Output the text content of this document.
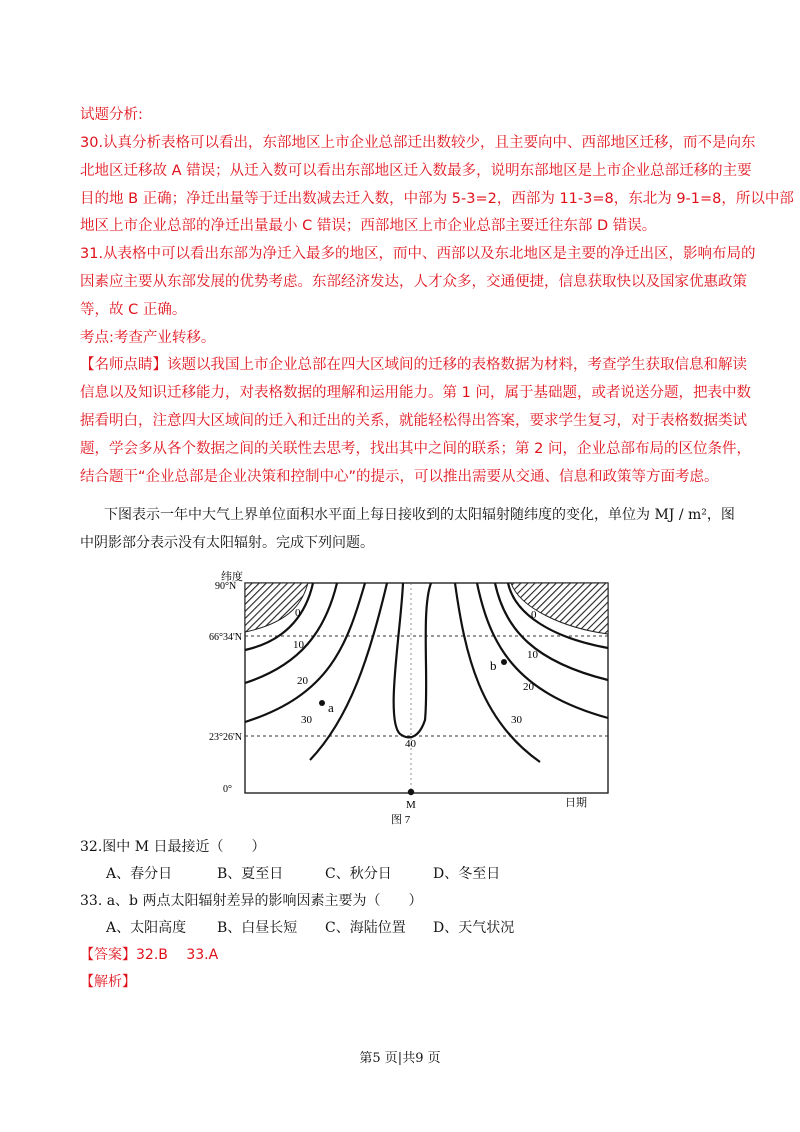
试题分析:
30.认真分析表格可以看出，东部地区上市企业总部迁出数较少，且主要向中、西部地区迁移，而不是向东
北地区迁移故 A 错误；从迁入数可以看出东部地区迁入数最多，说明东部地区是上市企业总部迁移的主要
目的地 B 正确；净迁出量等于迁出数减去迁入数，中部为 5-3=2，西部为 11-3=8，东北为 9-1=8，所以中部
地区上市企业总部的净迁出量最小 C 错误；西部地区上市企业总部主要迁往东部 D 错误。
31.从表格中可以看出东部为净迁入最多的地区，而中、西部以及东北地区是主要的净迁出区，影响布局的
因素应主要从东部发展的优势考虑。东部经济发达，人才众多，交通便捷，信息获取快以及国家优惠政策
等，故 C 正确。
考点:考查产业转移。
【名师点睛】该题以我国上市企业总部在四大区域间的迁移的表格数据为材料，考查学生获取信息和解读
信息以及知识迁移能力，对表格数据的理解和运用能力。第 1 问，属于基础题，或者说送分题，把表中数
据看明白，注意四大区域间的迁入和迁出的关系，就能轻松得出答案，要求学生复习，对于表格数据类试
题，学会多从各个数据之间的关联性去思考，找出其中之间的联系；第 2 问，企业总部布局的区位条件，
结合题干“企业总部是企业决策和控制中心”的提示，可以推出需要从交通、信息和政策等方面考虑。
下图表示一年中大气上界单位面积水平面上每日接收到的太阳辐射随纬度的变化，单位为 MJ / m²，图
中阴影部分表示没有太阳辐射。完成下列问题。
0
10
20
30
40
30
20
10
0
a
b
纬度
90°N
66°34'N
23°26'N
0°
M	日期
图 7
32.图中 M 日最接近（　　）
A、春分日	B、夏至日	C、秋分日	D、冬至日
33. a、b 两点太阳辐射差异的影响因素主要为（　　）
A、太阳高度 B、白昼长短 C、海陆位置 D、天气状况
【答案】32.B　 33.A
【解析】
第5 页|共9 页
